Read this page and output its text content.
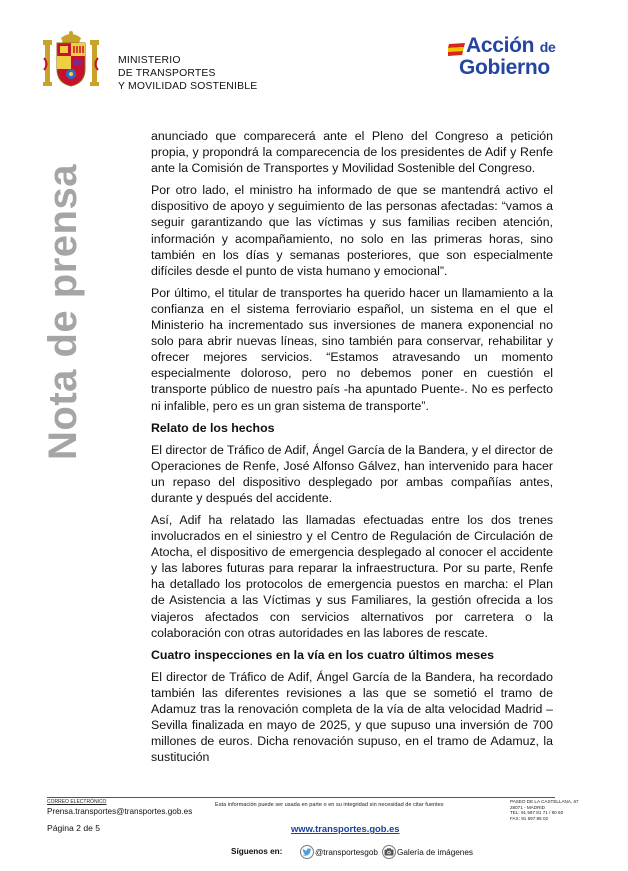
MINISTERIO
DE TRANSPORTES
Y MOVILIDAD SOSTENIBLE
Acción de
Gobierno
Nota de prensa

anunciado que comparecerá ante el Pleno del Congreso a petición propia, y propondrá la comparecencia de los presidentes de Adif y Renfe ante la Comisión de Transportes y Movilidad Sostenible del Congreso.

Por otro lado, el ministro ha informado de que se mantendrá activo el dispositivo de apoyo y seguimiento de las personas afectadas: “vamos a seguir garantizando que las víctimas y sus familias reciben atención, información y acompañamiento, no solo en las primeras horas, sino también en los días y semanas posteriores, que son especialmente difíciles desde el punto de vista humano y emocional”.

Por último, el titular de transportes ha querido hacer un llamamiento a la confianza en el sistema ferroviario español, un sistema en el que el Ministerio ha incrementado sus inversiones de manera exponencial no solo para abrir nuevas líneas, sino también para conservar, rehabilitar y ofrecer mejores servicios. “Estamos atravesando un momento especialmente doloroso, pero no debemos poner en cuestión el transporte público de nuestro país -ha apuntado Puente-. No es perfecto ni infalible, pero es un gran sistema de transporte”.

Relato de los hechos

El director de Tráfico de Adif, Ángel García de la Bandera, y el director de Operaciones de Renfe, José Alfonso Gálvez, han intervenido para hacer un repaso del dispositivo desplegado por ambas compañías antes, durante y después del accidente.

Así, Adif ha relatado las llamadas efectuadas entre los dos trenes involucrados en el siniestro y el Centro de Regulación de Circulación de Atocha, el dispositivo de emergencia desplegado al conocer el accidente y las labores futuras para reparar la infraestructura. Por su parte, Renfe ha detallado los protocolos de emergencia puestos en marcha: el Plan de Asistencia a las Víctimas y sus Familiares, la gestión ofrecida a los viajeros afectados con servicios alternativos por carretera o la colaboración con otras autoridades en las labores de rescate.

Cuatro inspecciones en la vía en los cuatro últimos meses

El director de Tráfico de Adif, Ángel García de la Bandera, ha recordado también las diferentes revisiones a las que se sometió el tramo de Adamuz tras la renovación completa de la vía de alta velocidad Madrid – Sevilla finalizada en mayo de 2025, y que supuso una inversión de 700 millones de euros. Dicha renovación supuso, en el tramo de Adamuz, la sustitución

CORREO ELECTRÓNICO
Prensa.transportes@transportes.gob.es
Esta información puede ser usada en parte o en su integridad sin necesidad de citar fuentes
PASEO DE LA CASTELLANA, 67
28071 - MADRID
TEL: 91 597 81 71 / 80 60
FAX: 91 597 85 02
Página 2 de 5	www.transportes.gob.es
Síguenos en:	@transportesgob Galería de imágenes
